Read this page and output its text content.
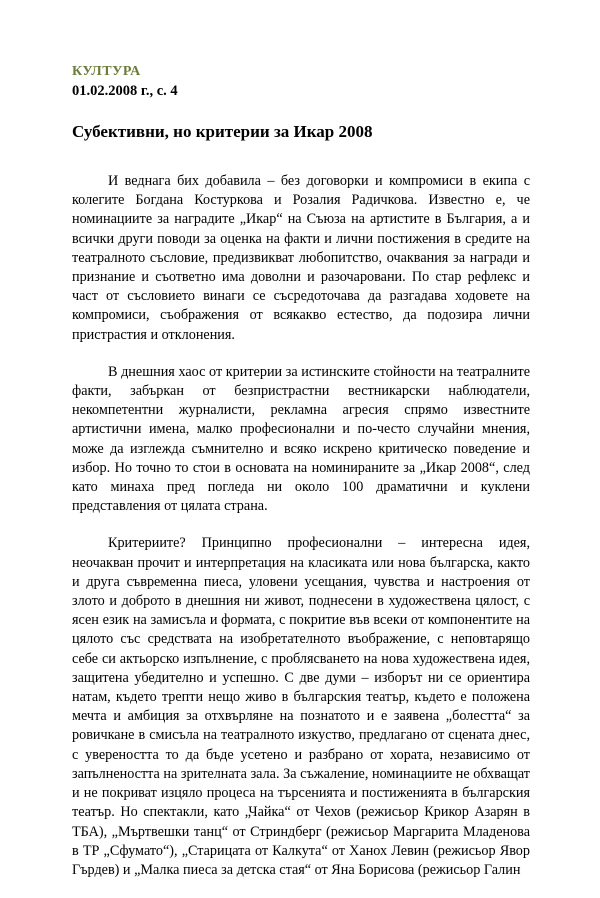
КУЛТУРА
01.02.2008 г., с. 4
Субективни, но критерии за Икар 2008

И веднага бих добавила – без договорки и компромиси в екипа с колегите Богдана Костуркова и Розалия Радичкова. Известно е, че номинациите за наградите „Икар“ на Съюза на артистите в България, а и всички други поводи за оценка на факти и лични постижения в средите на театралното съсловие, предизвикват любопитство, очаквания за награди и признание и съответно има доволни и разочаровани. По стар рефлекс и част от съсловието винаги се съсредоточава да разгадава ходовете на компромиси, съображения от всякакво естество, да подозира лични пристрастия и отклонения.

В днешния хаос от критерии за истинските стойности на театралните факти, забъркан от безпристрастни вестникарски наблюдатели, некомпетентни журналисти, рекламна агресия спрямо известните артистични имена, малко професионални и по-често случайни мнения, може да изглежда съмнително и всяко искрено критическо поведение и избор. Но точно то стои в основата на номинираните за „Икар 2008“, след като минаха пред погледа ни около 100 драматични и куклени представления от цялата страна.

Критериите? Принципно професионални – интересна идея, неочакван прочит и интерпретация на класиката или нова българска, както и друга съвременна пиеса, уловени усещания, чувства и настроения от злото и доброто в днешния ни живот, поднесени в художествена цялост, с ясен език на замисъла и формата, с покритие във всеки от компонентите на цялото със средствата на изобретателното въображение, с неповтарящо себе си актьорско изпълнение, с проблясването на нова художествена идея, защитена убедително и успешно. С две думи – изборът ни се ориентира натам, където трепти нещо живо в българския театър, където е положена мечта и амбиция за отхвърляне на познатото и е заявена „болестта“ за ровичкане в смисъла на театралното изкуство, предлагано от сцената днес, с увереността то да бъде усетено и разбрано от хората, независимо от запълнеността на зрителната зала. За съжаление, номинациите не обхващат и не покриват изцяло процеса на търсенията и постиженията в българския театър. Но спектакли, като „Чайка“ от Чехов (режисьор Крикор Азарян в ТБА), „Мъртвешки танц“ от Стриндберг (режисьор Маргарита Младенова в ТР „Сфумато“), „Старицата от Калкута“ от Ханох Левин (режисьор Явор Гърдев) и „Малка пиеса за детска стая“ от Яна Борисова (режисьор Галин
